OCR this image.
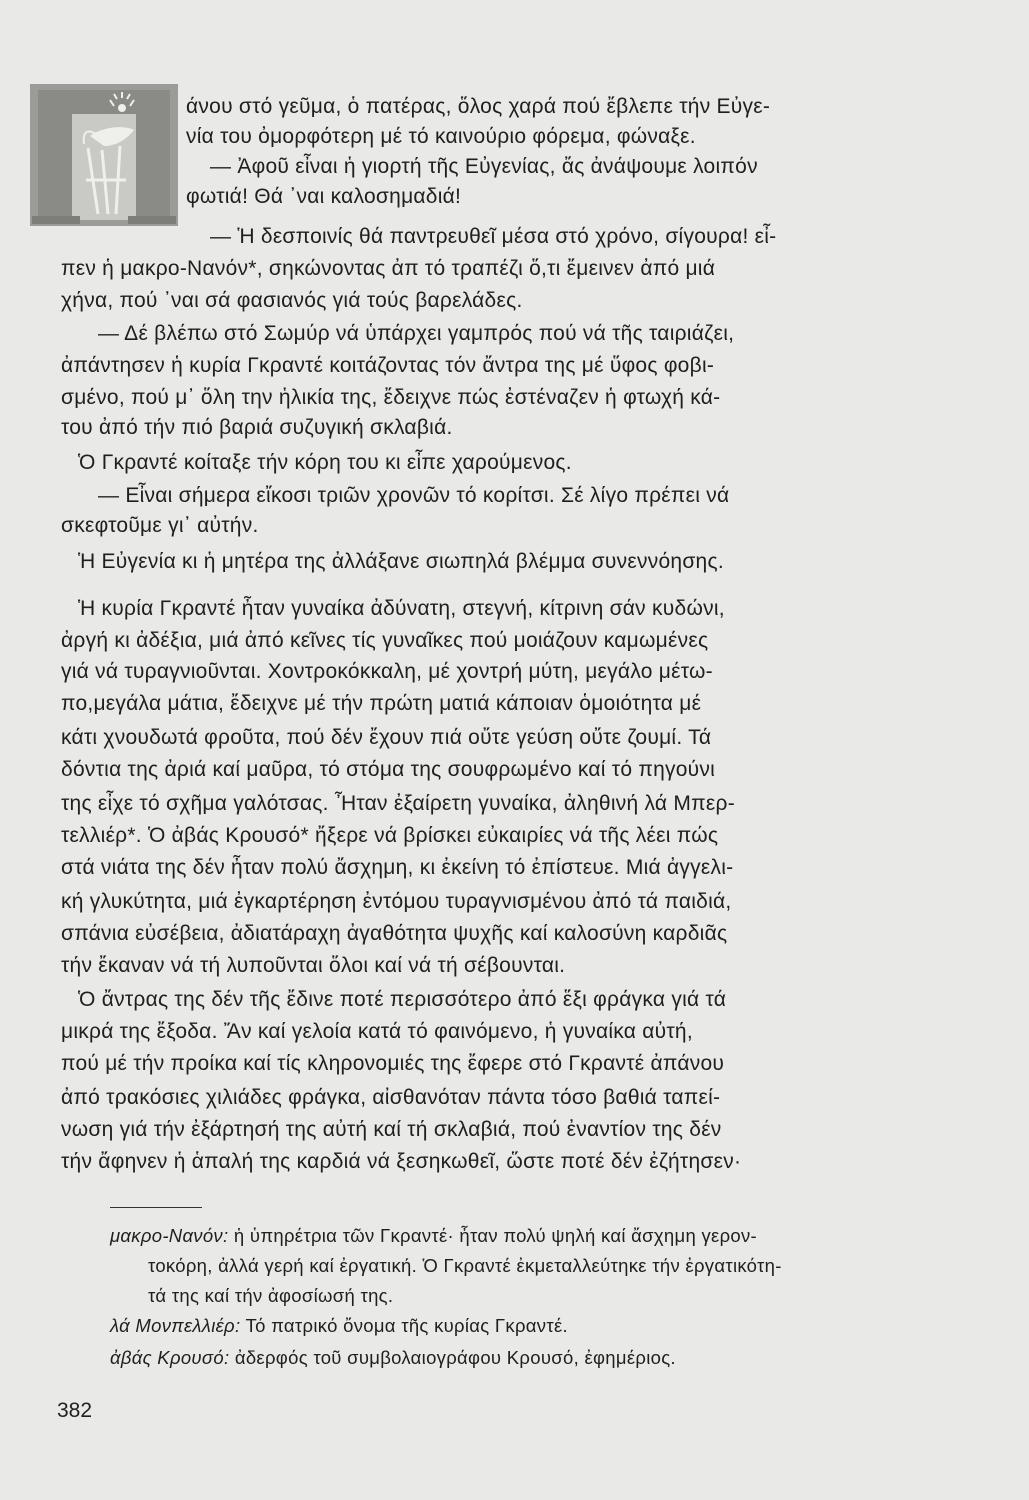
άνου στό γεῦμα, ὁ πατέρας, ὅλος χαρά πού ἔβλεπε τήν Εὐγε-
νία του ὀμορφότερη μέ τό καινούριο φόρεμα, φώναξε.
— Ἀφοῦ εἶναι ἡ γιορτή τῆς Εὐγενίας, ἄς ἀνάψουμε λοιπόν
φωτιά! Θά ᾽ναι καλοσημαδιά!
— Ἡ δεσποινίς θά παντρευθεῖ μέσα στό χρόνο, σίγουρα! εἶ-
πεν ἡ μακρο-Νανόν*, σηκώνοντας ἀπ τό τραπέζι ὅ,τι ἔμεινεν ἀπό μιά
χήνα, πού ᾽ναι σά φασιανός γιά τούς βαρελάδες.
— Δέ βλέπω στό Σωμύρ νά ὑπάρχει γαμπρός πού νά τῆς ταιριάζει,
ἀπάντησεν ἡ κυρία Γκραντέ κοιτάζοντας τόν ἄντρα της μέ ὕφος φοβι-
σμένο, πού μ᾽ ὅλη την ἡλικία της, ἔδειχνε πώς ἐστέναζεν ἡ φτωχή κά-
του ἀπό τήν πιό βαριά συζυγική σκλαβιά.
Ὁ Γκραντέ κοίταξε τήν κόρη του κι εἶπε χαρούμενος.
— Εἶναι σήμερα εἴκοσι τριῶν χρονῶν τό κορίτσι. Σέ λίγο πρέπει νά
σκεφτοῦμε γι᾽ αὐτήν.
Ἡ Εὐγενία κι ἡ μητέρα της ἀλλάξανε σιωπηλά βλέμμα συνεννόησης.
Ἡ κυρία Γκραντέ ἦταν γυναίκα ἀδύνατη, στεγνή, κίτρινη σάν κυδώνι,
ἀργή κι ἀδέξια, μιά ἀπό κεῖνες τίς γυναῖκες πού μοιάζουν καμωμένες
γιά νά τυραγνιοῦνται. Χοντροκόκκαλη, μέ χοντρή μύτη, μεγάλο μέτω-
πο,μεγάλα μάτια, ἔδειχνε μέ τήν πρώτη ματιά κάποιαν ὁμοιότητα μέ
κάτι χνουδωτά φροῦτα, πού δέν ἔχουν πιά οὔτε γεύση οὔτε ζουμί. Τά
δόντια της ἀριά καί μαῦρα, τό στόμα της σουφρωμένο καί τό πηγούνι
της εἶχε τό σχῆμα γαλότσας. Ἦταν ἐξαίρετη γυναίκα, ἀληθινή λά Μπερ-
τελλιέρ*. Ὁ ἀβάς Κρουσό* ἤξερε νά βρίσκει εὐκαιρίες νά τῆς λέει πώς
στά νιάτα της δέν ἦταν πολύ ἄσχημη, κι ἐκείνη τό ἐπίστευε. Μιά ἀγγελι-
κή γλυκύτητα, μιά ἐγκαρτέρηση ἐντόμου τυραγνισμένου ἀπό τά παιδιά,
σπάνια εὐσέβεια, ἀδιατάραχη ἀγαθότητα ψυχῆς καί καλοσύνη καρδιᾶς
τήν ἔκαναν νά τή λυποῦνται ὅλοι καί νά τή σέβουνται.
Ὁ ἄντρας της δέν τῆς ἔδινε ποτέ περισσότερο ἀπό ἕξι φράγκα γιά τά
μικρά της ἔξοδα. Ἄν καί γελοία κατά τό φαινόμενο, ἡ γυναίκα αὐτή,
πού μέ τήν προίκα καί τίς κληρονομιές της ἔφερε στό Γκραντέ ἀπάνου
ἀπό τρακόσιες χιλιάδες φράγκα, αἰσθανόταν πάντα τόσο βαθιά ταπεί-
νωση γιά τήν ἐξάρτησή της αὐτή καί τή σκλαβιά, πού ἐναντίον της δέν
τήν ἄφηνεν ἡ ἁπαλή της καρδιά νά ξεσηκωθεῖ, ὥστε ποτέ δέν ἐζήτησεν·
μακρο-Νανόν: ἡ ὑπηρέτρια τῶν Γκραντέ· ἦταν πολύ ψηλή καί ἄσχημη γερον-
τοκόρη, ἀλλά γερή καί ἐργατική. Ὁ Γκραντέ ἐκμεταλλεύτηκε τήν ἐργατικότη-
τά της καί τήν ἀφοσίωσή της.
λά Μονπελλιέρ: Τό πατρικό ὄνομα τῆς κυρίας Γκραντέ.
ἀβάς Κρουσό: ἀδερφός τοῦ συμβολαιογράφου Κρουσό, ἐφημέριος.
382
